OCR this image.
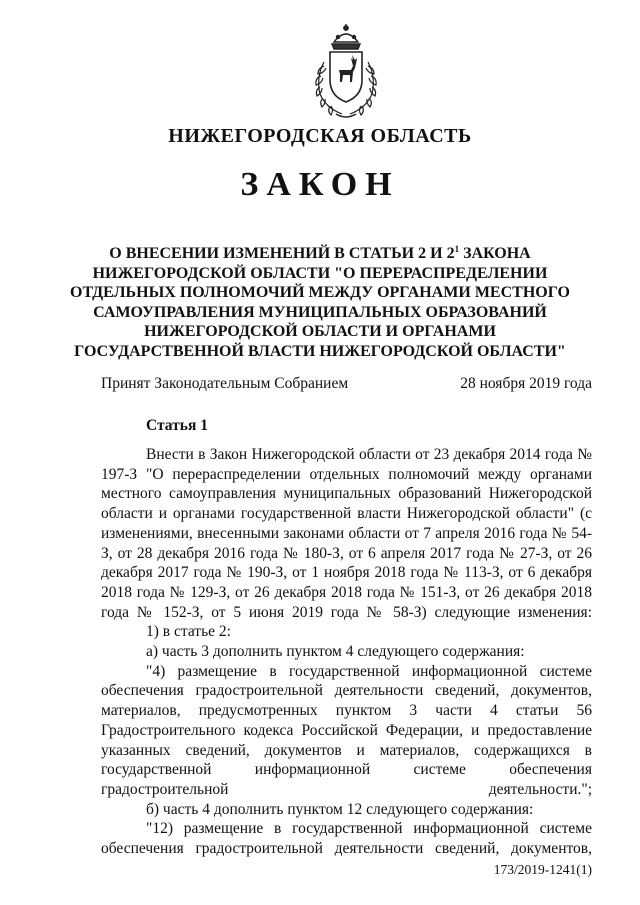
НИЖЕГОРОДСКАЯ ОБЛАСТЬ
ЗАКОН
О ВНЕСЕНИИ ИЗМЕНЕНИЙ В СТАТЬИ 2 И $2^1$ ЗАКОНА НИЖЕГОРОДСКОЙ ОБЛАСТИ "О ПЕРЕРАСПРЕДЕЛЕНИИ ОТДЕЛЬНЫХ ПОЛНОМОЧИЙ МЕЖДУ ОРГАНАМИ МЕСТНОГО САМОУПРАВЛЕНИЯ МУНИЦИПАЛЬНЫХ ОБРАЗОВАНИЙ НИЖЕГОРОДСКОЙ ОБЛАСТИ И ОРГАНАМИ ГОСУДАРСТВЕННОЙ ВЛАСТИ НИЖЕГОРОДСКОЙ ОБЛАСТИ"
Принят Законодательным Собранием	28 ноября 2019 года
Статья 1

Внести в Закон Нижегородской области от 23 декабря 2014 года № 197-З "О перераспределении отдельных полномочий между органами местного самоуправления муниципальных образований Нижегородской области и органами государственной власти Нижегородской области" (с изменениями, внесенными законами области от 7 апреля 2016 года № 54-З, от 28 декабря 2016 года № 180-З, от 6 апреля 2017 года № 27-З, от 26 декабря 2017 года № 190-З, от 1 ноября 2018 года № 113-З, от 6 декабря 2018 года № 129-З, от 26 декабря 2018 года № 151-З, от 26 декабря 2018 года № 152-З, от 5 июня 2019 года № 58-З) следующие изменения:

1) в статье 2:

а) часть 3 дополнить пунктом 4 следующего содержания:

"4) размещение в государственной информационной системе обеспечения градостроительной деятельности сведений, документов, материалов, предусмотренных пунктом 3 части 4 статьи 56 Градостроительного кодекса Российской Федерации, и предоставление указанных сведений, документов и материалов, содержащихся в государственной информационной системе обеспечения градостроительной деятельности.";

б) часть 4 дополнить пунктом 12 следующего содержания:

"12) размещение в государственной информационной системе обеспечения градостроительной деятельности сведений, документов,

173/2019-1241(1)
